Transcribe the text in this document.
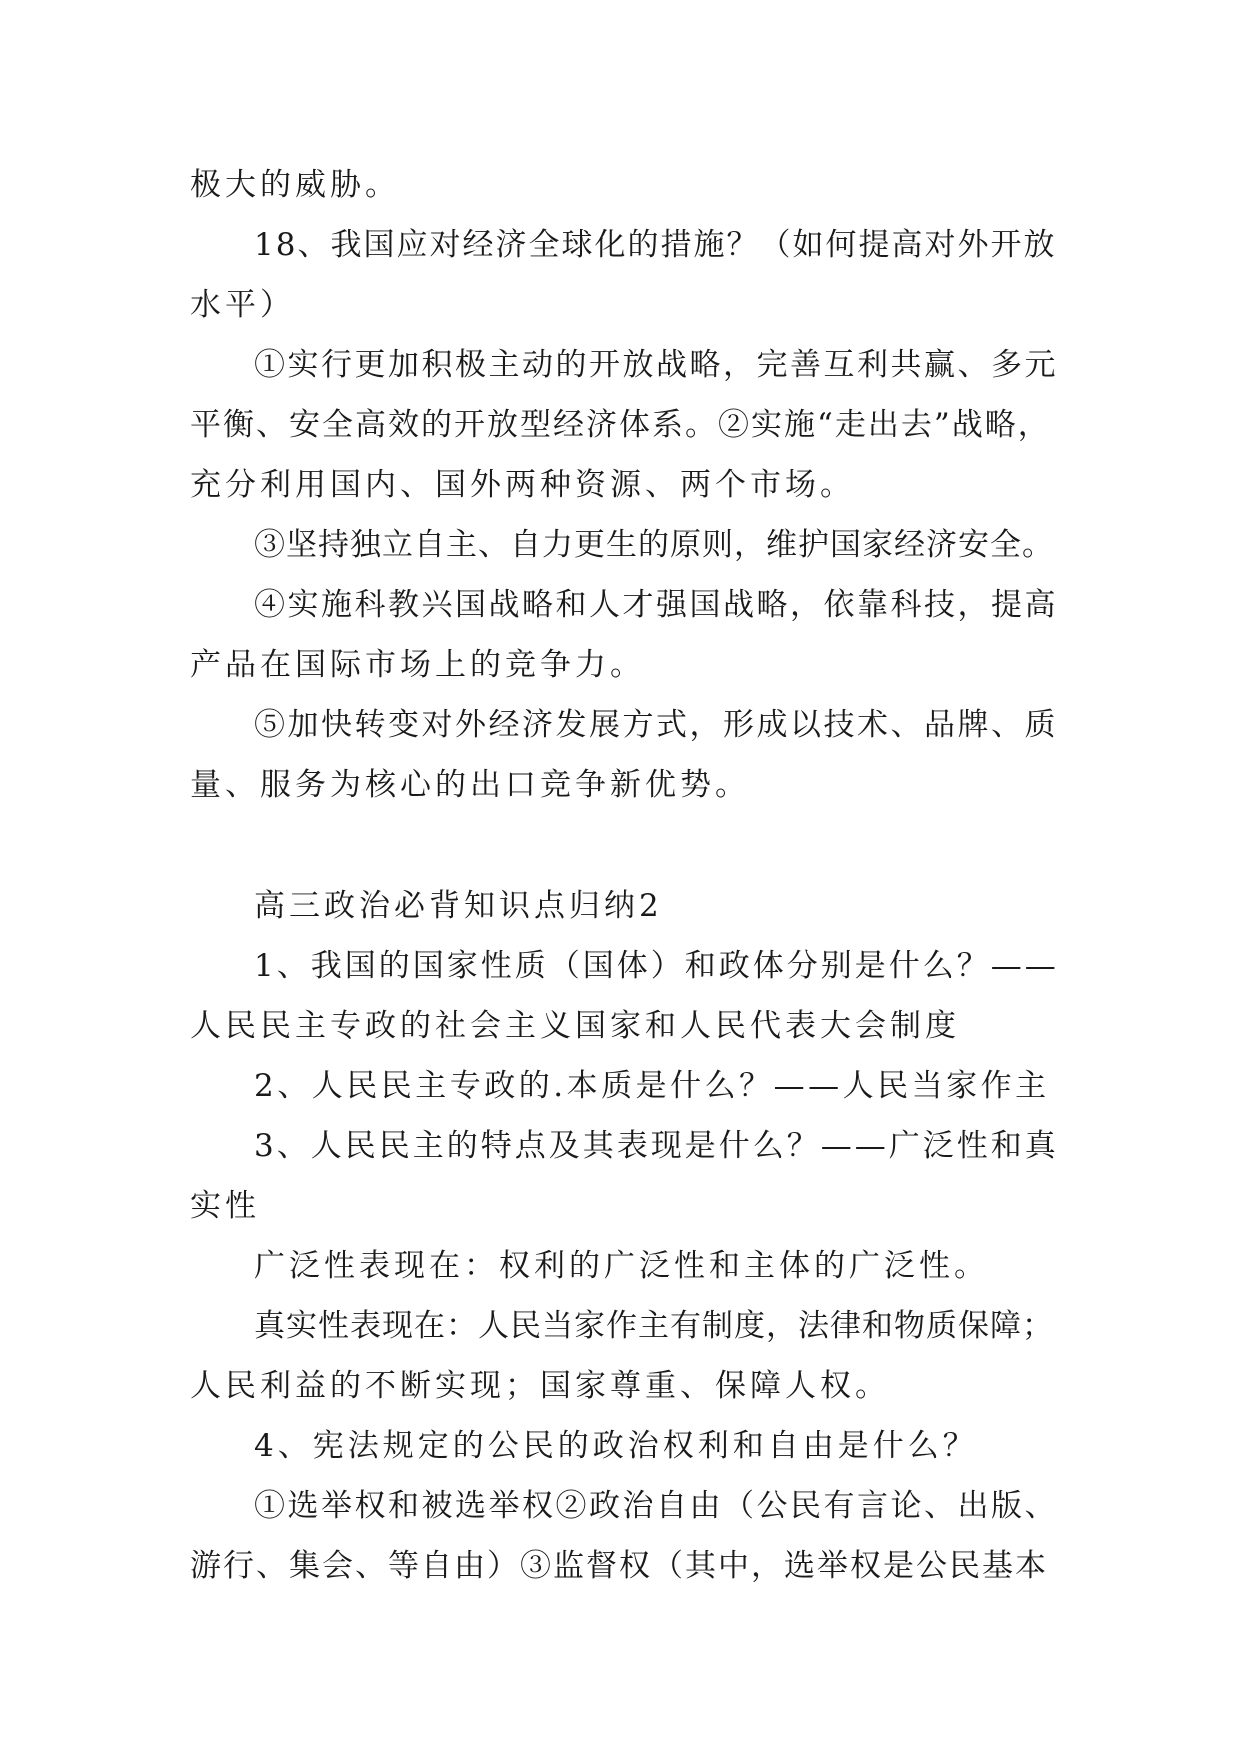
极大的威胁。
18、我国应对经济全球化的措施？（如何提高对外开放
水平）
①实行更加积极主动的开放战略，完善互利共赢、多元
平衡、安全高效的开放型经济体系。②实施“走出去”战略，
充分利用国内、国外两种资源、两个市场。
③坚持独立自主、自力更生的原则，维护国家经济安全。
④实施科教兴国战略和人才强国战略，依靠科技，提高
产品在国际市场上的竞争力。
⑤加快转变对外经济发展方式，形成以技术、品牌、质
量、服务为核心的出口竞争新优势。
高三政治必背知识点归纳2
1、我国的国家性质（国体）和政体分别是什么？——
人民民主专政的社会主义国家和人民代表大会制度
2、人民民主专政的.本质是什么？——人民当家作主
3、人民民主的特点及其表现是什么？——广泛性和真
实性
广泛性表现在：权利的广泛性和主体的广泛性。
真实性表现在：人民当家作主有制度，法律和物质保障；
人民利益的不断实现；国家尊重、保障人权。
4、宪法规定的公民的政治权利和自由是什么？
①选举权和被选举权②政治自由（公民有言论、出版、
游行、集会、等自由）③监督权（其中，选举权是公民基本
